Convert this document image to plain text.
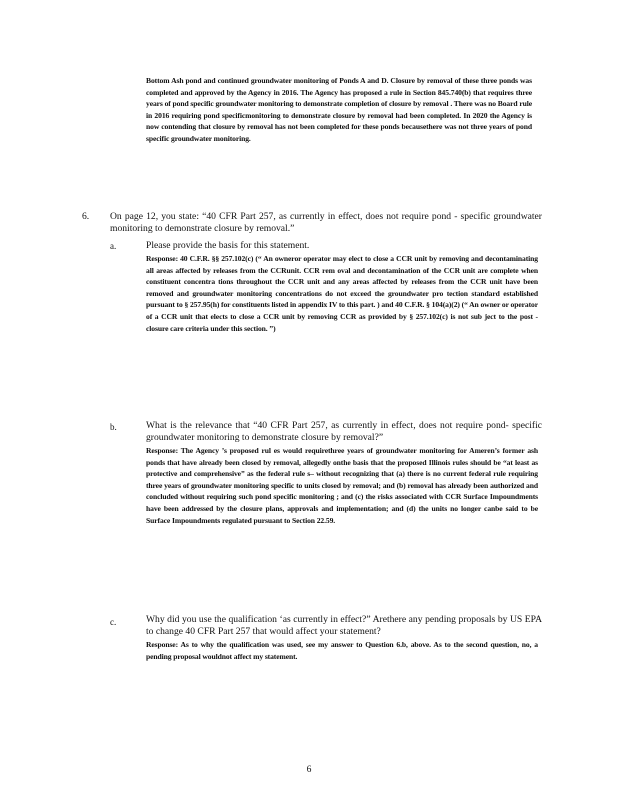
Bottom Ash pond and continued groundwater monitoring of Ponds A and D. Closure by removal of these three ponds was completed and approved by the Agency in 2016. The Agency has proposed a rule in Section 845.740(b) that requires three years of pond specific groundwater monitoring to demonstrate completion of closure by removal . There was no Board rule in 2016 requiring pond specificmonitoring to demonstrate closure by removal had been completed. In 2020 the Agency is now contending that closure by removal has not been completed for these ponds becausethere was not three years of pond specific groundwater monitoring.
6. On page 12, you state: “40 CFR Part 257, as currently in effect, does not require pond - specific groundwater monitoring to demonstrate closure by removal.”
a.	Please provide the basis for this statement.
Response: 40 C.F.R. §§ 257.102(c) (“ An owneror operator may elect to close a CCR unit by removing and decontaminating all areas affected by releases from the CCRunit. CCR rem oval and decontamination of the CCR unit are complete when constituent concentra tions throughout the CCR unit and any areas affected by releases from the CCR unit have been removed and groundwater monitoring concentrations do not exceed the groundwater pro tection standard established pursuant to § 257.95(h) for constituents listed in appendix IV to this part. ) and 40 C.F.R. § 104(a)(2) (“ An owner or operator of a CCR unit that elects to close a CCR unit by removing CCR as provided by § 257.102(c) is not sub ject to the post - closure care criteria under this section. ”)
b.	What is the relevance that “40 CFR Part 257, as currently in effect, does not require pond- specific groundwater monitoring to demonstrate closure by removal?”
Response: The Agency ’s proposed rul es would requirethree years of groundwater monitoring for Ameren’s former ash ponds that have already been closed by removal, allegedly onthe basis that the proposed Illinois rules should be “at least as protective and comprehensive” as the federal rule s– without recognizing that (a) there is no current federal rule requiring three years of groundwater monitoring specific to units closed by removal; and (b) removal has already been authorized and concluded without requiring such pond specific monitoring ; and (c) the risks associated with CCR Surface Impoundments have been addressed by the closure plans, approvals and implementation; and (d) the units no longer canbe said to be Surface Impoundments regulated pursuant to Section 22.59.
c.	Why did you use the qualification ‘as currently in effect?” Arethere any pending proposals by US EPA to change 40 CFR Part 257 that would affect your statement?
Response: As to why the qualification was used, see my answer to Question 6.b, above. As to the second question, no, a pending proposal wouldnot affect my statement.
6
